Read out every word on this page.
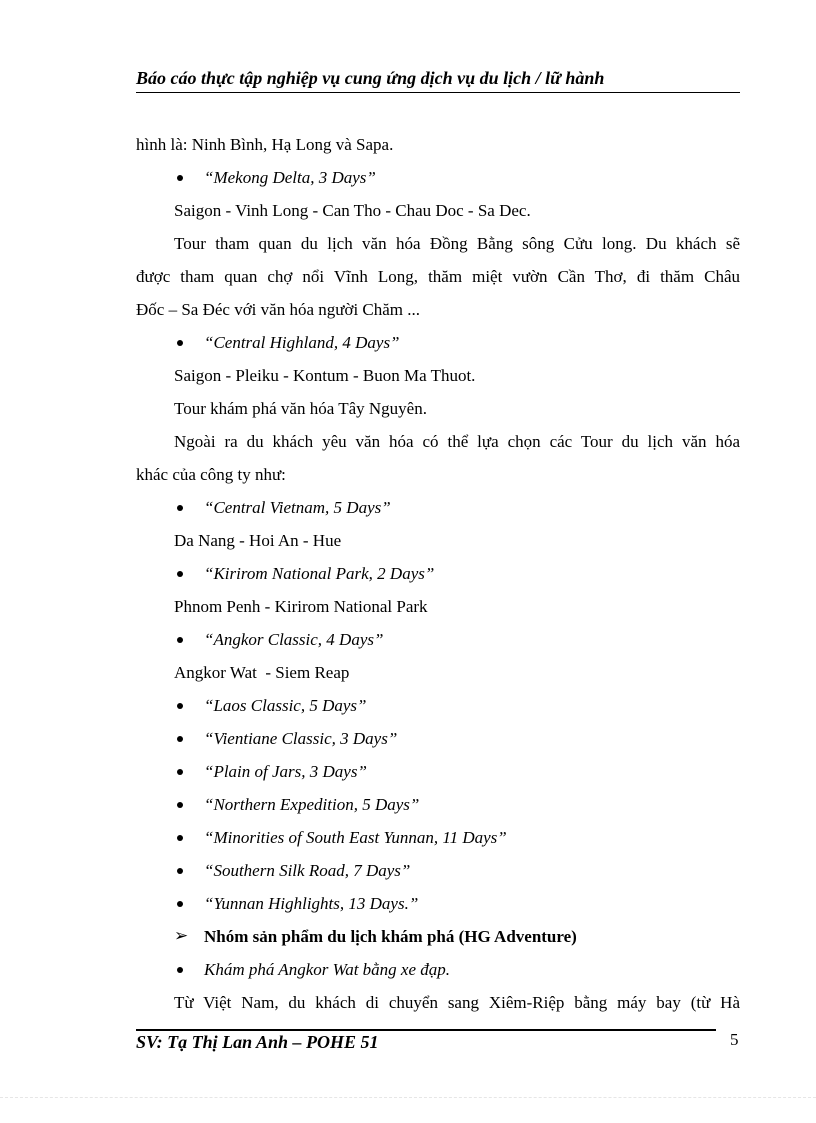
Báo cáo thực tập nghiệp vụ cung ứng dịch vụ du lịch / lữ hành
hình là: Ninh Bình, Hạ Long và Sapa.
“Mekong Delta, 3 Days”
Saigon - Vinh Long - Can Tho - Chau Doc - Sa Dec.
Tour tham quan du lịch văn hóa Đồng Bằng sông Cửu long. Du khách sẽ
được tham quan chợ nổi Vĩnh Long, thăm miệt vườn Cần Thơ, đi thăm Châu
Đốc – Sa Đéc với văn hóa người Chăm ...
“Central Highland, 4 Days”
Saigon - Pleiku - Kontum - Buon Ma Thuot.
Tour khám phá văn hóa Tây Nguyên.
Ngoài ra du khách yêu văn hóa có thể lựa chọn các Tour du lịch văn hóa
khác của công ty như:
“Central Vietnam, 5 Days”
Da Nang - Hoi An - Hue
“Kirirom National Park, 2 Days”
Phnom Penh - Kirirom National Park
“Angkor Classic, 4 Days”
Angkor Wat  - Siem Reap
“Laos Classic, 5 Days”
“Vientiane Classic, 3 Days”
“Plain of Jars, 3 Days”
“Northern Expedition, 5 Days”
“Minorities of South East Yunnan, 11 Days”
“Southern Silk Road, 7 Days”
“Yunnan Highlights, 13 Days.”
➢ Nhóm sản phẩm du lịch khám phá (HG Adventure)
Khám phá Angkor Wat bằng xe đạp.
Từ Việt Nam, du khách di chuyển sang Xiêm-Riệp bằng máy bay (từ Hà
SV: Tạ Thị Lan Anh – POHE 51	5
